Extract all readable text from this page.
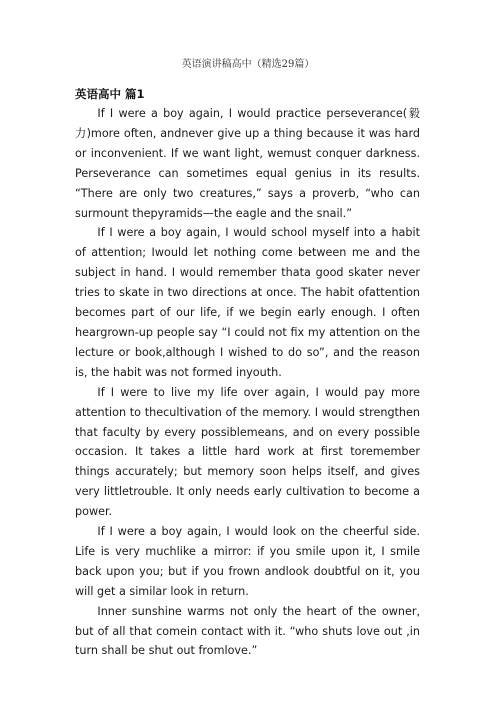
英语演讲稿高中（精选29篇）
英语高中 篇1

If I were a boy again, I would practice perseverance(毅力)more often, andnever give up a thing because it was hard or inconvenient. If we want light, wemust conquer darkness. Perseverance can sometimes equal genius in its results. “There are only two creatures,” says a proverb, “who can surmount thepyramids—the eagle and the snail.”

If I were a boy again, I would school myself into a habit of attention; Iwould let nothing come between me and the subject in hand. I would remember thata good skater never tries to skate in two directions at once. The habit ofattention becomes part of our life, if we begin early enough. I often heargrown-up people say “I could not fix my attention on the lecture or book,although I wished to do so”, and the reason is, the habit was not formed inyouth.

If I were to live my life over again, I would pay more attention to thecultivation of the memory. I would strengthen that faculty by every possiblemeans, and on every possible occasion. It takes a little hard work at first toremember things accurately; but memory soon helps itself, and gives very littletrouble. It only needs early cultivation to become a power.

If I were a boy again, I would look on the cheerful side. Life is very muchlike a mirror: if you smile upon it, I smile back upon you; but if you frown andlook doubtful on it, you will get a similar look in return.

Inner sunshine warms not only the heart of the owner, but of all that comein contact with it. “who shuts love out ,in turn shall be shut out fromlove.”
